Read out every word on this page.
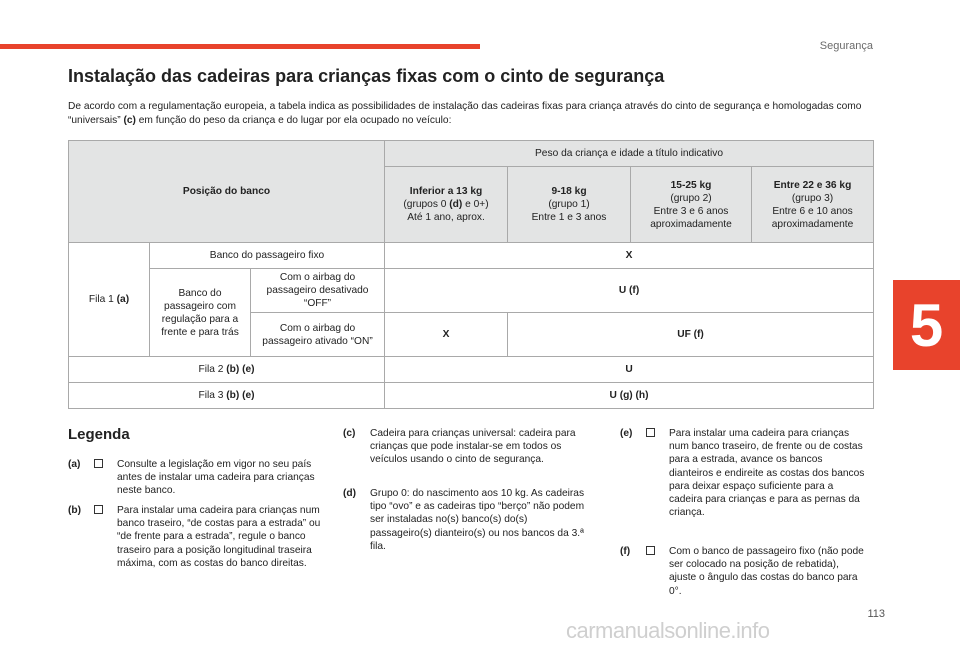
Segurança
5
Instalação das cadeiras para crianças fixas com o cinto de segurança

De acordo com a regulamentação europeia, a tabela indica as possibilidades de instalação das cadeiras fixas para criança através do cinto de segurança e homologadas como “universais” (c) em função do peso da criança e do lugar por ela ocupado no veículo:

Posição do banco			Peso da criança e idade a título indicativo			
			Inferior a 13 kg
(grupos 0 (d) e 0+)
Até 1 ano, aprox.	9-18 kg
(grupo 1)
Entre 1 e 3 anos	15-25 kg
(grupo 2)
Entre 3 e 6 anos aproximadamente	Entre 22 e 36 kg
(grupo 3)
Entre 6 e 10 anos aproximadamente
Fila 1 (a)	Banco do passageiro fixo		X			
	Banco do passageiro com regulação para a frente e para trás	Com o airbag do passageiro desativado “OFF”	U (f)			
		Com o airbag do passageiro ativado “ON”	X	UF (f)		
Fila 2 (b) (e)			U			
Fila 3 (b) (e)			U (g) (h)			
Legenda
(a)	Consulte a legislação em vigor no seu país antes de instalar uma cadeira para crianças neste banco.
(b)	Para instalar uma cadeira para crianças num banco traseiro, “de costas para a estrada” ou “de frente para a estrada”, regule o banco traseiro para a posição longitudinal traseira máxima, com as costas do banco direitas.
(c) Cadeira para crianças universal: cadeira para crianças que pode instalar-se em todos os veículos usando o cinto de segurança.
(d) Grupo 0: do nascimento aos 10 kg. As cadeiras tipo “ovo” e as cadeiras tipo “berço” não podem ser instaladas no(s) banco(s) do(s) passageiro(s) dianteiro(s) ou nos bancos da 3.ª fila.
(e)	Para instalar uma cadeira para crianças num banco traseiro, de frente ou de costas para a estrada, avance os bancos dianteiros e endireite as costas dos bancos para deixar espaço suficiente para a cadeira para crianças e para as pernas da criança.
(f)	Com o banco de passageiro fixo (não pode ser colocado na posição de rebatida), ajuste o ângulo das costas do banco para 0°.
113
carmanualsonline.info
